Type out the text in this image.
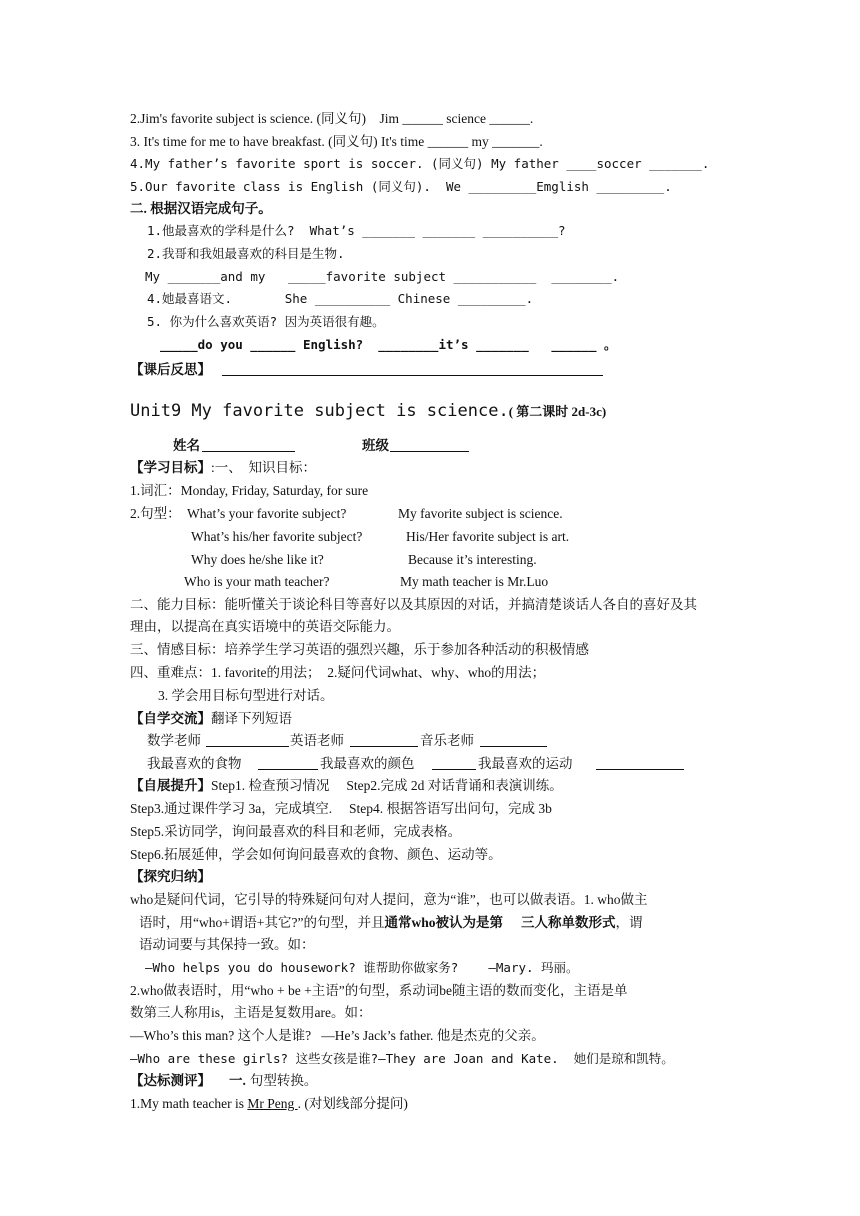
2.Jim's favorite subject is science. (同义句)    Jim ______ science ______.
3. It's time for me to have breakfast. (同义句) It's time ______ my _______.
4.My father’s favorite sport is soccer. (同义句) My father ____soccer _______.
5.Our favorite class is English (同义句).  We _________Emglish _________.
二. 根据汉语完成句子。
1.他最喜欢的学科是什么?  What’s _______ _______ __________?
2.我哥和我姐最喜欢的科目是生物.
My _______and my   _____favorite subject ___________  ________.
4.她最喜语文.       She __________ Chinese _________.
5. 你为什么喜欢英语? 因为英语很有趣。
_____do you ______ English?  ________it’s _______   ______ 。
【课后反思】
Unit9 My favorite subject is science.( 第二课时 2d-3c)
姓名	班级
【学习目标】:一、  知识目标：
1.词汇：Monday, Friday, Saturday, for sure
2.句型： What’s your favorite subject?	My favorite subject is science.
What’s his/her favorite subject?	His/Her favorite subject is art.
Why does he/she like it?	Because it’s interesting.
Who is your math teacher?	My math teacher is Mr.Luo
二、能力目标：能听懂关于谈论科目等喜好以及其原因的对话，并搞清楚谈话人各自的喜好及其
理由，以提高在真实语境中的英语交际能力。
三、情感目标：培养学生学习英语的强烈兴趣，乐于参加各种活动的积极情感
四、重难点：1. favorite的用法；  2.疑问代词what、why、who的用法；
3. 学会用目标句型进行对话。
【自学交流】翻译下列短语
数学老师	英语老师	音乐老师
我最喜欢的食物	我最喜欢的颜色	我最喜欢的运动
【自展提升】Step1. 检查预习情况     Step2.完成 2d 对话背诵和表演训练。
Step3.通过课件学习 3a，完成填空.     Step4. 根据答语写出问句，完成 3b
Step5.采访同学，询问最喜欢的科目和老师，完成表格。
Step6.拓展延伸，学会如何询问最喜欢的食物、颜色、运动等。
【探究归纳】
who是疑问代词，它引导的特殊疑问句对人提问，意为“谁”，也可以做表语。1. who做主
语时，用“who+谓语+其它?”的句型，并且通常who被认为是第 三人称单数形式，谓
语动词要与其保持一致。如：
—Who helps you do housework? 谁帮助你做家务?    —Mary. 玛丽。
2.who做表语时，用“who + be +主语”的句型，系动词be随主语的数而变化，主语是单
数第三人称用is，主语是复数用are。如：
—Who’s this man? 这个人是谁?   —He’s Jack’s father. 他是杰克的父亲。
—Who are these girls? 这些女孩是谁?—They are Joan and Kate.  她们是琼和凯特。
【达标测评】 一. 句型转换。
1.My math teacher is Mr Peng . (对划线部分提问)
